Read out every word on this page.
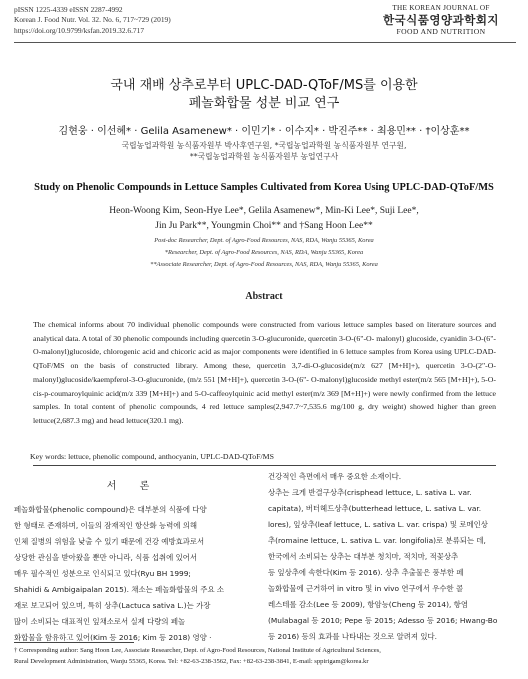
pISSN 1225-4339 eISSN 2287-4992
Korean J. Food Nutr. Vol. 32. No. 6, 717~729 (2019)
https://doi.org/10.9799/ksfan.2019.32.6.717
THE KOREAN JOURNAL OF
한국식품영양과학회지
FOOD AND NUTRITION
국내 재배 상추로부터 UPLC-DAD-QToF/MS를 이용한
페놀화합물 성분 비교 연구
김현웅 · 이선혜* · Gelila Asamenew* · 이민기* · 이수지* · 박진주** · 최용민** · †이상훈**
국립농업과학원 농식품자원부 박사후연구원, *국립농업과학원 농식품자원부 연구원,
**국립농업과학원 농식품자원부 농업연구사
Study on Phenolic Compounds in Lettuce Samples Cultivated from Korea Using UPLC-DAD-QToF/MS
Heon-Woong Kim, Seon-Hye Lee*, Gelila Asamenew*, Min-Ki Lee*, Suji Lee*,
Jin Ju Park**, Youngmin Choi** and †Sang Hoon Lee**
Post-doc Researcher, Dept. of Agro-Food Resources, NAS, RDA, Wanju 55365, Korea
*Researcher, Dept. of Agro-Food Resources, NAS, RDA, Wanju 55365, Korea
**Associate Researcher, Dept. of Agro-Food Resources, NAS, RDA, Wanju 55365, Korea
Abstract
The chemical informs about 70 individual phenolic compounds were constructed from various lettuce samples based on literature sources and analytical data. A total of 30 phenolic compounds including quercetin 3-O-glucuronide, quercetin 3-O-(6"-O- malonyl) glucoside, cyanidin 3-O-(6"-O-malonyl)glucoside, chlorogenic acid and chicoric acid as major components were identified in 6 lettuce samples from Korea using UPLC-DAD-QToF/MS on the basis of constructed library. Among these, quercetin 3,7-di-O-glucoside(m/z 627 [M+H]+), quercetin 3-O-(2"-O-malonyl)glucoside/kaempferol-3-O-glucuronide, (m/z 551 [M+H]+), quercetin 3-O-(6"- O-malonyl)glucoside methyl ester(m/z 565 [M+H]+), 5-O-cis-p-coumaroylquinic acid(m/z 339 [M+H]+) and 5-O-caffeoylquinic acid methyl ester(m/z 369 [M+H]+) were newly confirmed from the lettuce samples. In total content of phenolic compounds, 4 red lettuce samples(2,947.7~7,535.6 mg/100 g, dry weight) showed higher than green lettuce(2,687.3 mg) and head lettuce(320.1 mg).
Key words: lettuce, phenolic compound, anthocyanin, UPLC-DAD-QToF/MS
서 론
페놀화합물(phenolic compound)은 대부분의 식품에 다양
한 형태로 존재하며, 이들의 잠재적인 항산화 능력에 의해
인체 질병의 위험을 낮출 수 있기 때문에 건강 예방효과로서
상당한 관심을 받아왔을 뿐만 아니라, 식품 섭취에 있어서
매우 필수적인 성분으로 인식되고 있다(Ryu BH 1999;
Shahidi & Ambigaipalan 2015). 채소는 페놀화합물의 주요 소
재로 보고되어 있으며, 특히 상추(Lactuca sativa L.)는 가장
많이 소비되는 대표적인 잎채소로서 실제 다량의 페놀
화합물을 함유하고 있어(Kim 등 2016; Kim 등 2018) 영양 ·
건강적인 측면에서 매우 중요한 소재이다.
상추는 크게 반결구상추(crisphead lettuce, L. sativa L. var.
capitata), 버터헤드상추(butterhead lettuce, L. sativa L. var.
lores), 잎상추(leaf lettuce, L. sativa L. var. crispa) 및 로메인상
추(romaine lettuce, L. sativa L. var. longifolia)로 분류되는 데,
한국에서 소비되는 상추는 대부분 청치마, 적치마, 적꽃상추
등 잎상추에 속한다(Kim 등 2016). 상추 추출물은 풍부한 페
놀화합물에 근거하여 in vitro 및 in vivo 연구에서 우수한 콜
레스테롤 감소(Lee 등 2009), 항암능(Cheng 등 2014), 항염
(Mulabagal 등 2010; Pepe 등 2015; Adesso 등 2016; Hwang-Bo
등 2016) 등의 효과를 나타내는 것으로 알려져 있다.
† Corresponding author: Sang Hoon Lee, Associate Researcher, Dept. of Agro-Food Resources, National Institute of Agricultural Sciences,
Rural Development Administration, Wanju 55365, Korea. Tel: +82-63-238-3562, Fax: +82-63-238-3841, E-mail: sppirigam@korea.kr
